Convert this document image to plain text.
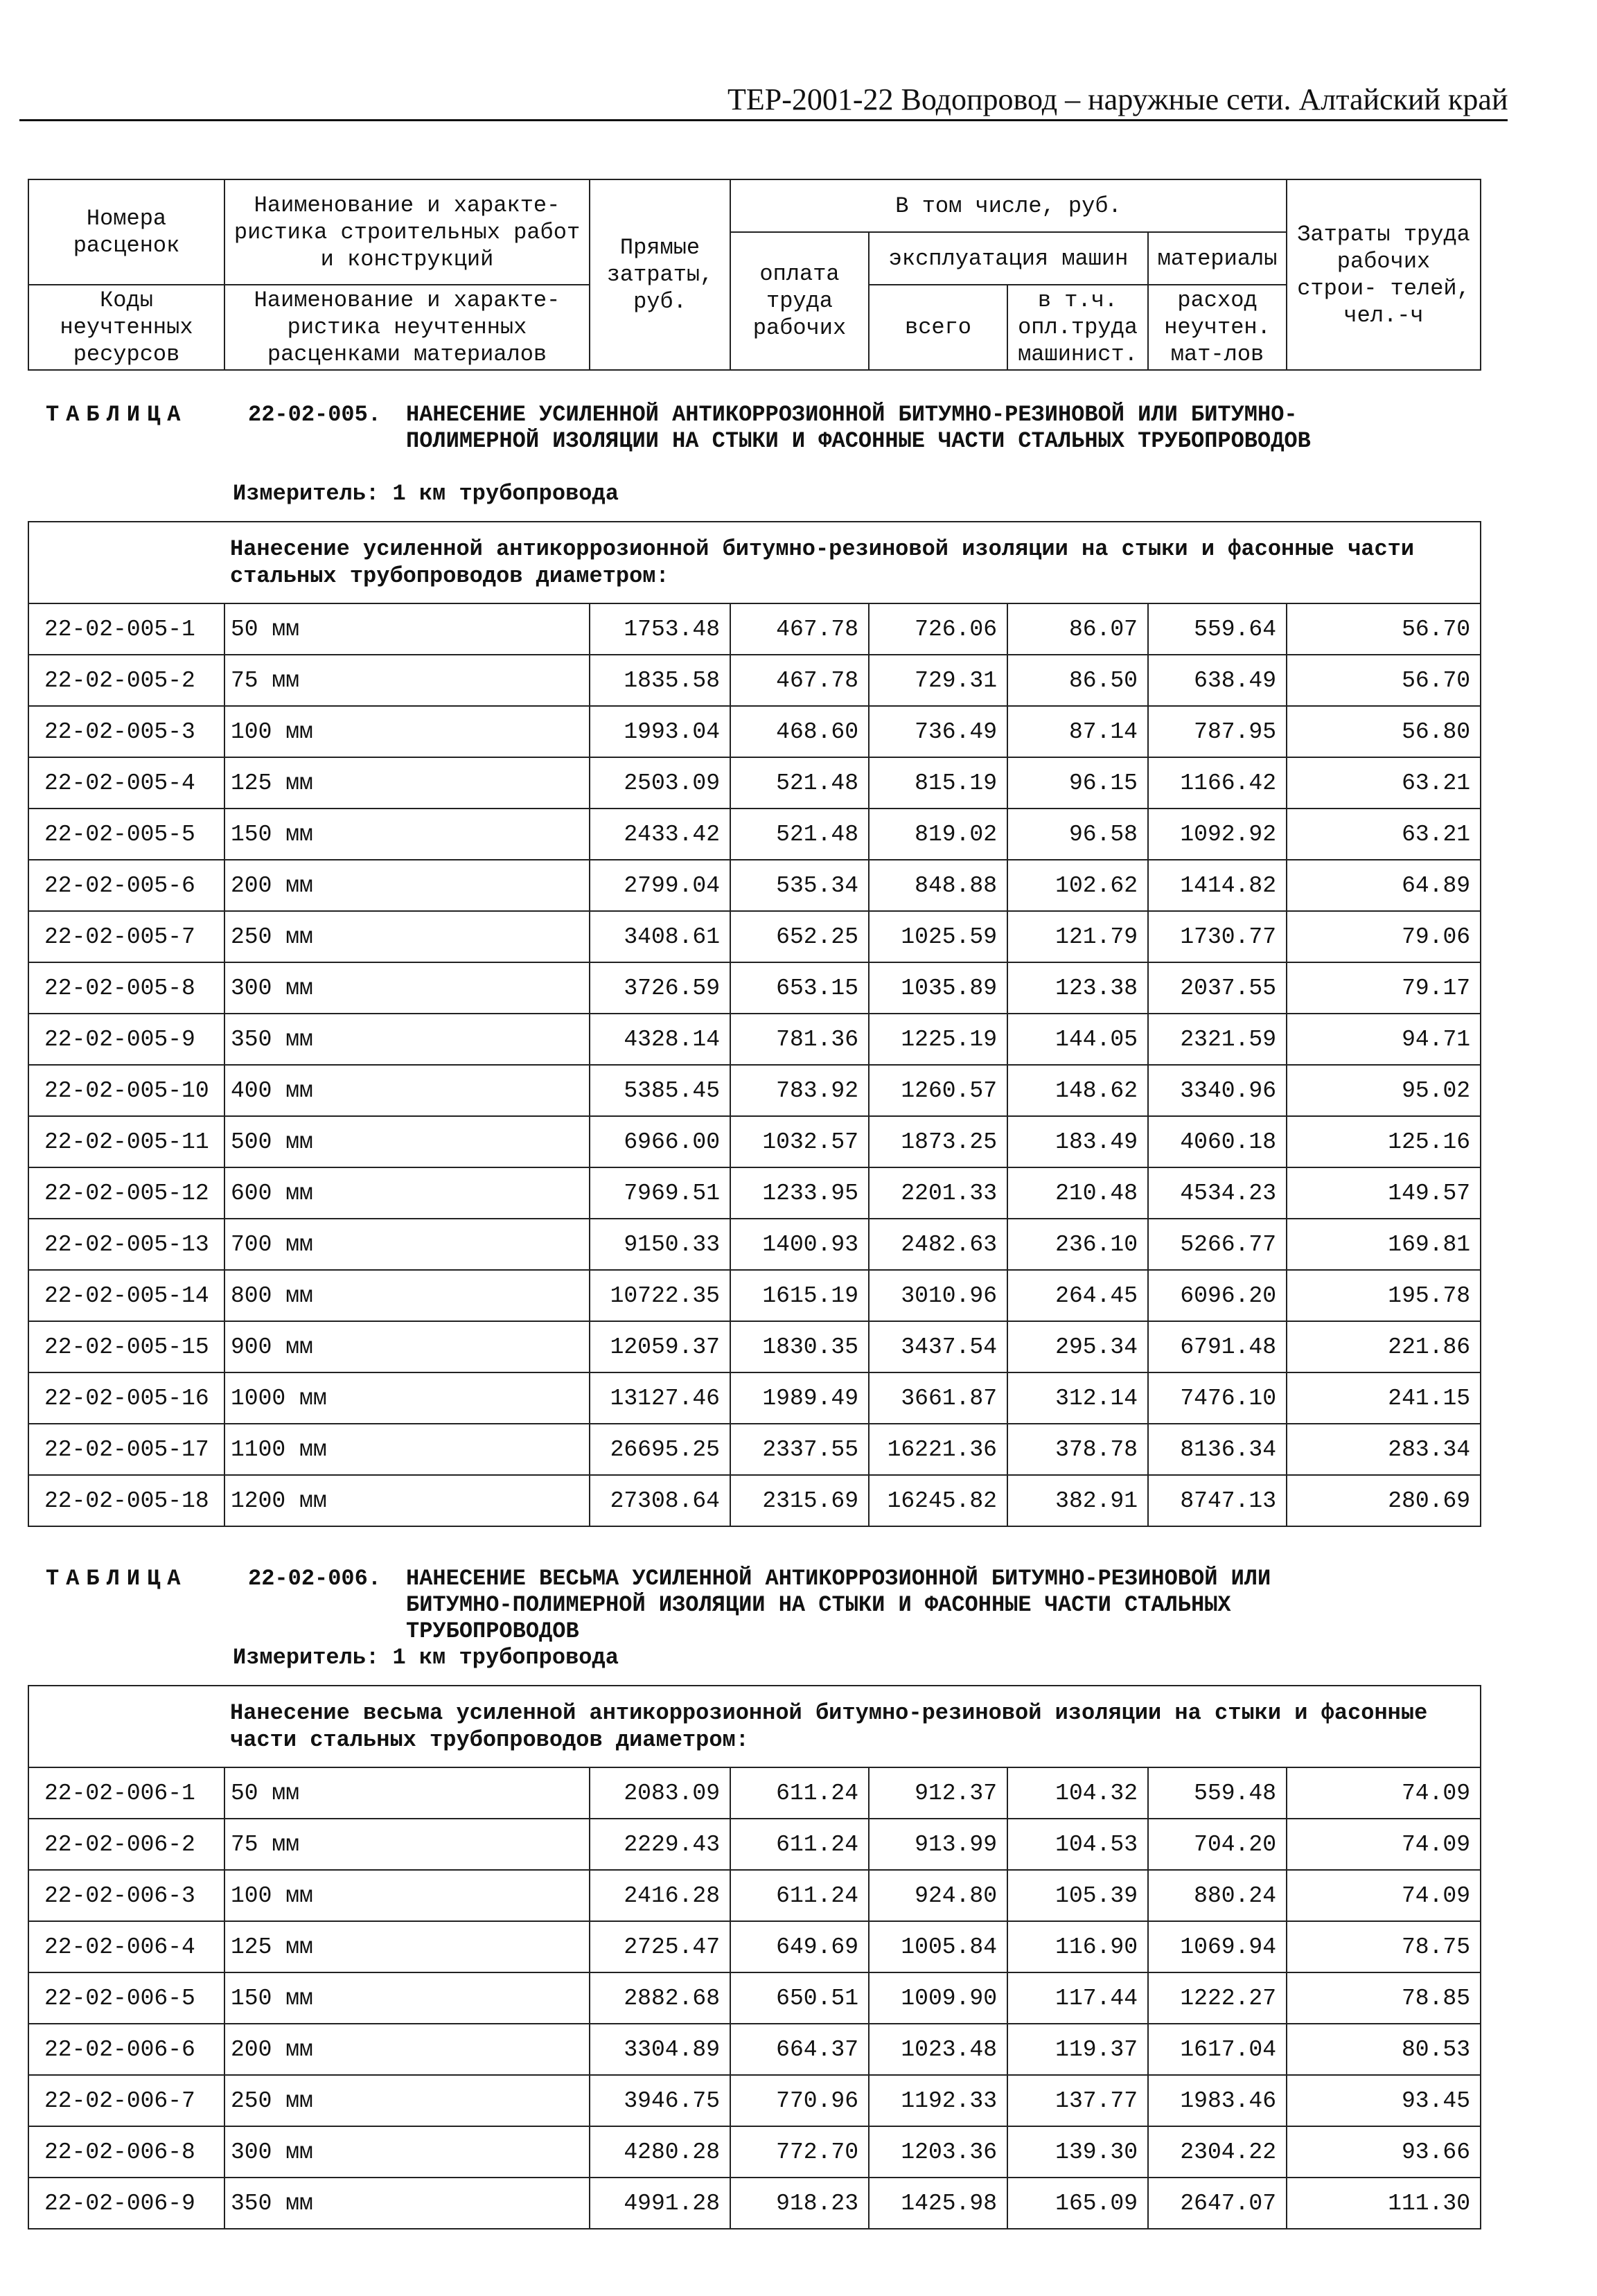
ТЕР-2001-22 Водопровод – наружные сети. Алтайский край
Номера расценок	Наименование и характе- ристика строительных работ и конструкций	Прямые затраты, руб.	В том числе, руб.				Затраты труда рабочих строи- телей, чел.-ч
			оплата труда рабочих	эксплуатация машин		материалы	
Коды неучтенных ресурсов	Наименование и характе- ристика неучтенных расценками материалов			всего	в т.ч. опл.труда машинист.	расход неучтен. мат-лов	

ТАБЛИЦА	22-02-005. НАНЕСЕНИЕ УСИЛЕННОЙ АНТИКОРРОЗИОННОЙ БИТУМНО-РЕЗИНОВОЙ ИЛИ БИТУМНО-ПОЛИМЕРНОЙ ИЗОЛЯЦИИ НА СТЫКИ И ФАСОННЫЕ ЧАСТИ СТАЛЬНЫХ ТРУБОПРОВОДОВ
Измеритель: 1 км трубопровода
Нанесение усиленной антикоррозионной битумно-резиновой изоляции на стыки и фасонные части стальных трубопроводов диаметром:							
22-02-005-1	50 мм	1753.48	467.78	726.06	86.07	559.64	56.70
22-02-005-2	75 мм	1835.58	467.78	729.31	86.50	638.49	56.70
22-02-005-3	100 мм	1993.04	468.60	736.49	87.14	787.95	56.80
22-02-005-4	125 мм	2503.09	521.48	815.19	96.15	1166.42	63.21
22-02-005-5	150 мм	2433.42	521.48	819.02	96.58	1092.92	63.21
22-02-005-6	200 мм	2799.04	535.34	848.88	102.62	1414.82	64.89
22-02-005-7	250 мм	3408.61	652.25	1025.59	121.79	1730.77	79.06
22-02-005-8	300 мм	3726.59	653.15	1035.89	123.38	2037.55	79.17
22-02-005-9	350 мм	4328.14	781.36	1225.19	144.05	2321.59	94.71
22-02-005-10	400 мм	5385.45	783.92	1260.57	148.62	3340.96	95.02
22-02-005-11	500 мм	6966.00	1032.57	1873.25	183.49	4060.18	125.16
22-02-005-12	600 мм	7969.51	1233.95	2201.33	210.48	4534.23	149.57
22-02-005-13	700 мм	9150.33	1400.93	2482.63	236.10	5266.77	169.81
22-02-005-14	800 мм	10722.35	1615.19	3010.96	264.45	6096.20	195.78
22-02-005-15	900 мм	12059.37	1830.35	3437.54	295.34	6791.48	221.86
22-02-005-16	1000 мм	13127.46	1989.49	3661.87	312.14	7476.10	241.15
22-02-005-17	1100 мм	26695.25	2337.55	16221.36	378.78	8136.34	283.34
22-02-005-18	1200 мм	27308.64	2315.69	16245.82	382.91	8747.13	280.69
ТАБЛИЦА	22-02-006. НАНЕСЕНИЕ ВЕСЬМА УСИЛЕННОЙ АНТИКОРРОЗИОННОЙ БИТУМНО-РЕЗИНОВОЙ ИЛИ БИТУМНО-ПОЛИМЕРНОЙ ИЗОЛЯЦИИ НА СТЫКИ И ФАСОННЫЕ ЧАСТИ СТАЛЬНЫХ ТРУБОПРОВОДОВ
Измеритель: 1 км трубопровода
Нанесение весьма усиленной антикоррозионной битумно-резиновой изоляции на стыки и фасонные части стальных трубопроводов диаметром:							
22-02-006-1	50 мм	2083.09	611.24	912.37	104.32	559.48	74.09
22-02-006-2	75 мм	2229.43	611.24	913.99	104.53	704.20	74.09
22-02-006-3	100 мм	2416.28	611.24	924.80	105.39	880.24	74.09
22-02-006-4	125 мм	2725.47	649.69	1005.84	116.90	1069.94	78.75
22-02-006-5	150 мм	2882.68	650.51	1009.90	117.44	1222.27	78.85
22-02-006-6	200 мм	3304.89	664.37	1023.48	119.37	1617.04	80.53
22-02-006-7	250 мм	3946.75	770.96	1192.33	137.77	1983.46	93.45
22-02-006-8	300 мм	4280.28	772.70	1203.36	139.30	2304.22	93.66
22-02-006-9	350 мм	4991.28	918.23	1425.98	165.09	2647.07	111.30
